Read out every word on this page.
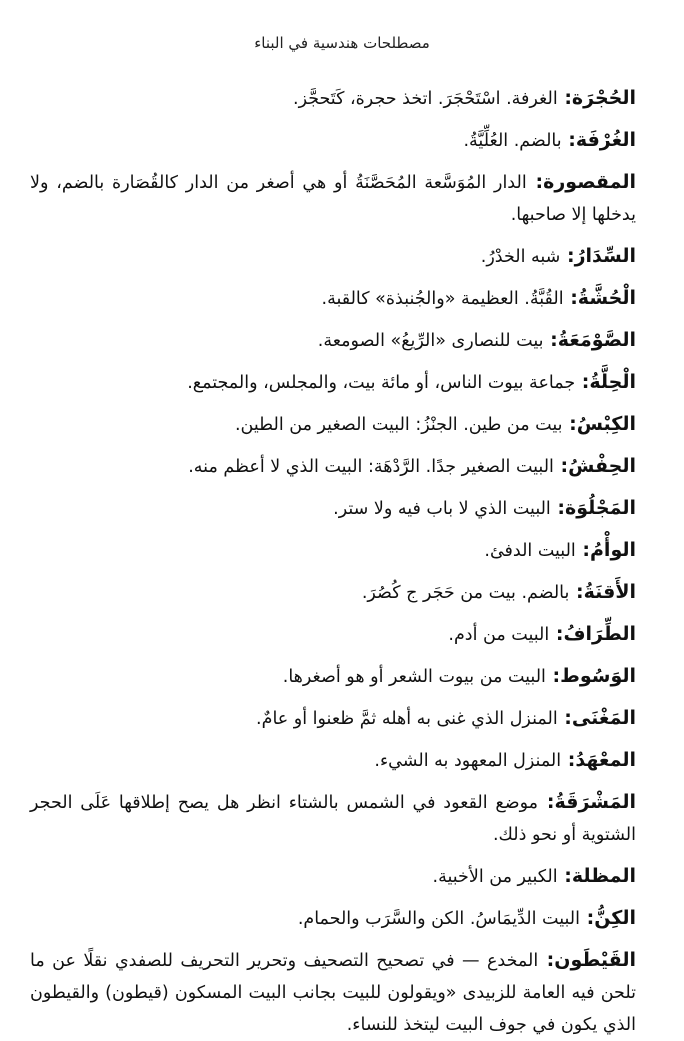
مصطلحات هندسية في البناء

الحُجْرَة: الغرفة. اسْتَحْجَرَ. اتخذ حجرة، كَتَحجَّز.

الغُرْفَة: بالضم. العُلِّيَّةُ.

المقصورة: الدار المُوَسَّعة المُحَصَّنَةُ أو هي أصغر من الدار كالقُصَارة بالضم، ولا يدخلها إلا صاحبها.

السِّدَارُ: شبه الخدْرُ.

الْحُشَّةُ: القُبَّةُ. العظيمة «والجُنبذة» كالقبة.

الصَّوْمَعَةُ: بيت للنصارى «الرِّيعُ» الصومعة.

الْحِلَّةُ: جماعة بيوت الناس، أو مائة بيت، والمجلس، والمجتمع.

الكِبْسُ: بيت من طين. الجنْزُ: البيت الصغير من الطين.

الحِفْشُ: البيت الصغير جدًا. الرَّدْهَة: البيت الذي لا أعظم منه.

المَجْلُوَة: البيت الذي لا باب فيه ولا ستر.

الوأْمُ: البيت الدفئ.

الأَقنَةُ: بالضم. بيت من حَجَر ج كُصُرَ.

الطِّرَافُ: البيت من أدم.

الوَسُوط: البيت من بيوت الشعر أو هو أصغرها.

المَغْنَى: المنزل الذي غنى به أهله ثمَّ ظعنوا أو عامٌ.

المعْهَدُ: المنزل المعهود به الشيء.

المَشْرَقَةُ: موضع القعود في الشمس بالشتاء انظر هل يصح إطلاقها عَلَى الحجر الشتوية أو نحو ذلك.

المظلة: الكبير من الأخبية.

الكِنُّ: البيت الدِّيمَاسُ. الكن والسَّرَب والحمام.

القَيْطَون: المخدع — في تصحيح التصحيف وتحرير التحريف للصفدي نقلًا عن ما تلحن فيه العامة للزبيدى «ويقولون للبيت بجانب البيت المسكون (قيطون) والقيطون الذي يكون في جوف البيت ليتخذ للنساء.
